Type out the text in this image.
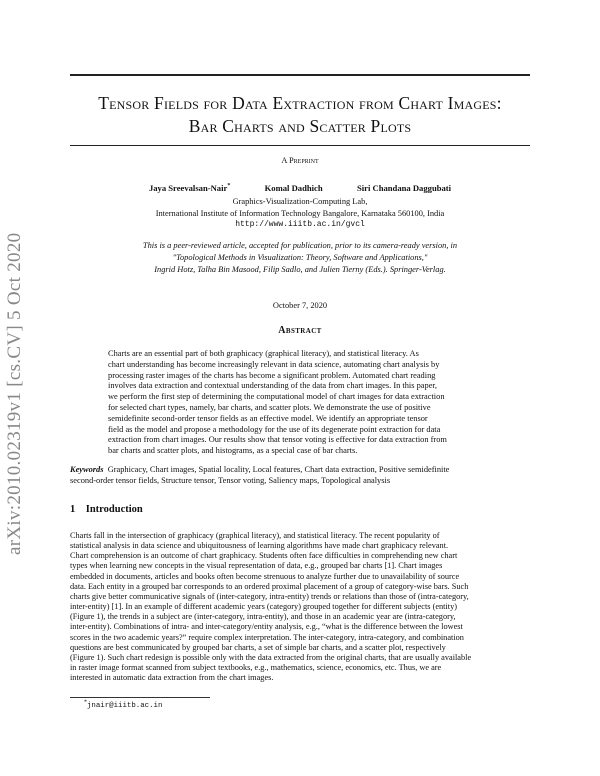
arXiv:2010.02319v1 [cs.CV] 5 Oct 2020
Tensor Fields for Data Extraction from Chart Images:
Bar Charts and Scatter Plots
A Preprint
Jaya Sreevalsan-Nair*	Komal Dadhich	Siri Chandana Daggubati
Graphics-Visualization-Computing Lab,
International Institute of Information Technology Bangalore, Karnataka 560100, India
http://www.iiitb.ac.in/gvcl
This is a peer-reviewed article, accepted for publication, prior to its camera-ready version, in
"Topological Methods in Visualization: Theory, Software and Applications,"
Ingrid Hotz, Talha Bin Masood, Filip Sadlo, and Julien Tierny (Eds.). Springer-Verlag.
October 7, 2020
Abstract
Charts are an essential part of both graphicacy (graphical literacy), and statistical literacy. As
chart understanding has become increasingly relevant in data science, automating chart analysis by
processing raster images of the charts has become a significant problem. Automated chart reading
involves data extraction and contextual understanding of the data from chart images. In this paper,
we perform the first step of determining the computational model of chart images for data extraction
for selected chart types, namely, bar charts, and scatter plots. We demonstrate the use of positive
semidefinite second-order tensor fields as an effective model. We identify an appropriate tensor
field as the model and propose a methodology for the use of its degenerate point extraction for data
extraction from chart images. Our results show that tensor voting is effective for data extraction from
bar charts and scatter plots, and histograms, as a special case of bar charts.
Keywords Graphicacy, Chart images, Spatial locality, Local features, Chart data extraction, Positive semidefinite
second-order tensor fields, Structure tensor, Tensor voting, Saliency maps, Topological analysis
1 Introduction
Charts fall in the intersection of graphicacy (graphical literacy), and statistical literacy. The recent popularity of
statistical analysis in data science and ubiquitousness of learning algorithms have made chart graphicacy relevant.
Chart comprehension is an outcome of chart graphicacy. Students often face difficulties in comprehending new chart
types when learning new concepts in the visual representation of data, e.g., grouped bar charts [1]. Chart images
embedded in documents, articles and books often become strenuous to analyze further due to unavailability of source
data. Each entity in a grouped bar corresponds to an ordered proximal placement of a group of category-wise bars. Such
charts give better communicative signals of (inter-category, intra-entity) trends or relations than those of (intra-category,
inter-entity) [1]. In an example of different academic years (category) grouped together for different subjects (entity)
(Figure 1), the trends in a subject are (inter-category, intra-entity), and those in an academic year are (intra-category,
inter-entity). Combinations of intra- and inter-category/entity analysis, e.g., “what is the difference between the lowest
scores in the two academic years?” require complex interpretation. The inter-category, intra-category, and combination
questions are best communicated by grouped bar charts, a set of simple bar charts, and a scatter plot, respectively
(Figure 1). Such chart redesign is possible only with the data extracted from the original charts, that are usually available
in raster image format scanned from subject textbooks, e.g., mathematics, science, economics, etc. Thus, we are
interested in automatic data extraction from the chart images.
*jnair@iiitb.ac.in
